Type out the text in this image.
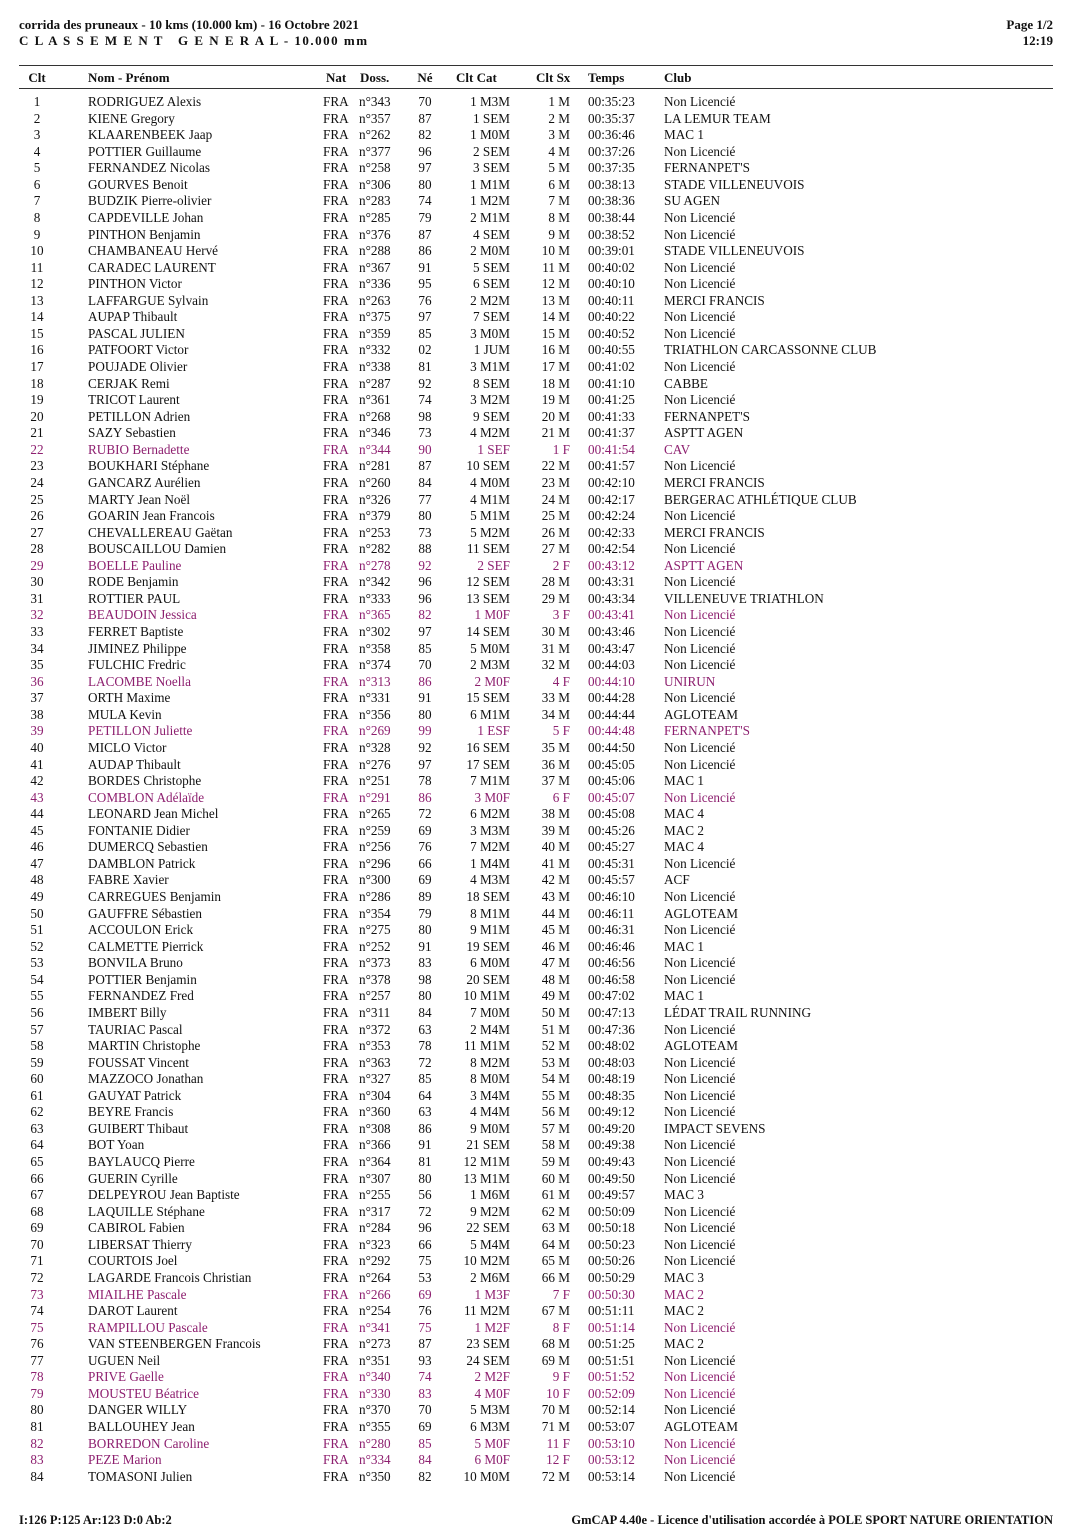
corrida des pruneaux - 10 kms (10.000 km) - 16 Octobre 2021
C L A S S E M E N T   G E N E R A L - 10.000 mm
Page 1/2
12:19
Clt	Nom - Prénom	Nat Doss.	Né	Clt Cat	Clt Sx Temps	Club
1	RODRIGUEZ Alexis	FRA n°343	70	1 M3M	1 M 00:35:23 Non Licencié
2	KIENE Gregory	FRA n°357	87	1 SEM	2 M 00:35:37 LA LEMUR TEAM
3	KLAARENBEEK Jaap	FRA n°262	82	1 M0M	3 M 00:36:46 MAC 1
4	POTTIER Guillaume	FRA n°377	96	2 SEM	4 M 00:37:26 Non Licencié
5	FERNANDEZ Nicolas	FRA n°258	97	3 SEM	5 M 00:37:35 FERNANPET'S
6	GOURVES Benoit	FRA n°306	80	1 M1M	6 M 00:38:13 STADE VILLENEUVOIS
7	BUDZIK Pierre-olivier	FRA n°283	74	1 M2M	7 M 00:38:36 SU AGEN
8	CAPDEVILLE Johan	FRA n°285	79	2 M1M	8 M 00:38:44 Non Licencié
9	PINTHON Benjamin	FRA n°376	87	4 SEM	9 M 00:38:52 Non Licencié
10	CHAMBANEAU Hervé	FRA n°288	86	2 M0M	10 M 00:39:01 STADE VILLENEUVOIS
11	CARADEC LAURENT	FRA n°367	91	5 SEM	11 M 00:40:02 Non Licencié
12	PINTHON Victor	FRA n°336	95	6 SEM	12 M 00:40:10 Non Licencié
13	LAFFARGUE Sylvain	FRA n°263	76	2 M2M	13 M 00:40:11 MERCI FRANCIS
14	AUPAP Thibault	FRA n°375	97	7 SEM	14 M 00:40:22 Non Licencié
15	PASCAL JULIEN	FRA n°359	85	3 M0M	15 M 00:40:52 Non Licencié
16	PATFOORT Victor	FRA n°332	02	1 JUM	16 M 00:40:55 TRIATHLON CARCASSONNE CLUB
17	POUJADE Olivier	FRA n°338	81	3 M1M	17 M 00:41:02 Non Licencié
18	CERJAK Remi	FRA n°287	92	8 SEM	18 M 00:41:10 CABBE
19	TRICOT Laurent	FRA n°361	74	3 M2M	19 M 00:41:25 Non Licencié
20	PETILLON Adrien	FRA n°268	98	9 SEM	20 M 00:41:33 FERNANPET'S
21	SAZY Sebastien	FRA n°346	73	4 M2M	21 M 00:41:37 ASPTT AGEN
22	RUBIO Bernadette	FRA n°344	90	1 SEF	1 F 00:41:54 CAV
23	BOUKHARI Stéphane	FRA n°281	87	10 SEM	22 M 00:41:57 Non Licencié
24	GANCARZ Aurélien	FRA n°260	84	4 M0M	23 M 00:42:10 MERCI FRANCIS
25	MARTY Jean Noël	FRA n°326	77	4 M1M	24 M 00:42:17 BERGERAC ATHLÉTIQUE CLUB
26	GOARIN Jean Francois	FRA n°379	80	5 M1M	25 M 00:42:24 Non Licencié
27	CHEVALLEREAU Gaëtan	FRA n°253	73	5 M2M	26 M 00:42:33 MERCI FRANCIS
28	BOUSCAILLOU Damien	FRA n°282	88	11 SEM	27 M 00:42:54 Non Licencié
29	BOELLE Pauline	FRA n°278	92	2 SEF	2 F 00:43:12 ASPTT AGEN
30	RODE Benjamin	FRA n°342	96	12 SEM	28 M 00:43:31 Non Licencié
31	ROTTIER PAUL	FRA n°333	96	13 SEM	29 M 00:43:34 VILLENEUVE TRIATHLON
32	BEAUDOIN Jessica	FRA n°365	82	1 M0F	3 F 00:43:41 Non Licencié
33	FERRET Baptiste	FRA n°302	97	14 SEM	30 M 00:43:46 Non Licencié
34	JIMINEZ Philippe	FRA n°358	85	5 M0M	31 M 00:43:47 Non Licencié
35	FULCHIC Fredric	FRA n°374	70	2 M3M	32 M 00:44:03 Non Licencié
36	LACOMBE Noella	FRA n°313	86	2 M0F	4 F 00:44:10 UNIRUN
37	ORTH Maxime	FRA n°331	91	15 SEM	33 M 00:44:28 Non Licencié
38	MULA Kevin	FRA n°356	80	6 M1M	34 M 00:44:44 AGLOTEAM
39	PETILLON Juliette	FRA n°269	99	1 ESF	5 F 00:44:48 FERNANPET'S
40	MICLO Victor	FRA n°328	92	16 SEM	35 M 00:44:50 Non Licencié
41	AUDAP Thibault	FRA n°276	97	17 SEM	36 M 00:45:05 Non Licencié
42	BORDES Christophe	FRA n°251	78	7 M1M	37 M 00:45:06 MAC 1
43	COMBLON Adélaïde	FRA n°291	86	3 M0F	6 F 00:45:07 Non Licencié
44	LEONARD Jean Michel	FRA n°265	72	6 M2M	38 M 00:45:08 MAC 4
45	FONTANIE Didier	FRA n°259	69	3 M3M	39 M 00:45:26 MAC 2
46	DUMERCQ Sebastien	FRA n°256	76	7 M2M	40 M 00:45:27 MAC 4
47	DAMBLON Patrick	FRA n°296	66	1 M4M	41 M 00:45:31 Non Licencié
48	FABRE Xavier	FRA n°300	69	4 M3M	42 M 00:45:57 ACF
49	CARREGUES Benjamin	FRA n°286	89	18 SEM	43 M 00:46:10 Non Licencié
50	GAUFFRE Sébastien	FRA n°354	79	8 M1M	44 M 00:46:11 AGLOTEAM
51	ACCOULON Erick	FRA n°275	80	9 M1M	45 M 00:46:31 Non Licencié
52	CALMETTE Pierrick	FRA n°252	91	19 SEM	46 M 00:46:46 MAC 1
53	BONVILA Bruno	FRA n°373	83	6 M0M	47 M 00:46:56 Non Licencié
54	POTTIER Benjamin	FRA n°378	98	20 SEM	48 M 00:46:58 Non Licencié
55	FERNANDEZ Fred	FRA n°257	80	10 M1M	49 M 00:47:02 MAC 1
56	IMBERT Billy	FRA n°311	84	7 M0M	50 M 00:47:13 LÉDAT TRAIL RUNNING
57	TAURIAC Pascal	FRA n°372	63	2 M4M	51 M 00:47:36 Non Licencié
58	MARTIN Christophe	FRA n°353	78	11 M1M	52 M 00:48:02 AGLOTEAM
59	FOUSSAT Vincent	FRA n°363	72	8 M2M	53 M 00:48:03 Non Licencié
60	MAZZOCO Jonathan	FRA n°327	85	8 M0M	54 M 00:48:19 Non Licencié
61	GAUYAT Patrick	FRA n°304	64	3 M4M	55 M 00:48:35 Non Licencié
62	BEYRE Francis	FRA n°360	63	4 M4M	56 M 00:49:12 Non Licencié
63	GUIBERT Thibaut	FRA n°308	86	9 M0M	57 M 00:49:20 IMPACT SEVENS
64	BOT Yoan	FRA n°366	91	21 SEM	58 M 00:49:38 Non Licencié
65	BAYLAUCQ Pierre	FRA n°364	81	12 M1M	59 M 00:49:43 Non Licencié
66	GUERIN Cyrille	FRA n°307	80	13 M1M	60 M 00:49:50 Non Licencié
67	DELPEYROU Jean Baptiste	FRA n°255	56	1 M6M	61 M 00:49:57 MAC 3
68	LAQUILLE Stéphane	FRA n°317	72	9 M2M	62 M 00:50:09 Non Licencié
69	CABIROL Fabien	FRA n°284	96	22 SEM	63 M 00:50:18 Non Licencié
70	LIBERSAT Thierry	FRA n°323	66	5 M4M	64 M 00:50:23 Non Licencié
71	COURTOIS Joel	FRA n°292	75	10 M2M	65 M 00:50:26 Non Licencié
72	LAGARDE Francois Christian	FRA n°264	53	2 M6M	66 M 00:50:29 MAC 3
73	MIAILHE Pascale	FRA n°266	69	1 M3F	7 F 00:50:30 MAC 2
74	DAROT Laurent	FRA n°254	76	11 M2M	67 M 00:51:11 MAC 2
75	RAMPILLOU Pascale	FRA n°341	75	1 M2F	8 F 00:51:14 Non Licencié
76	VAN STEENBERGEN Francois	FRA n°273	87	23 SEM	68 M 00:51:25 MAC 2
77	UGUEN Neil	FRA n°351	93	24 SEM	69 M 00:51:51 Non Licencié
78	PRIVE Gaelle	FRA n°340	74	2 M2F	9 F 00:51:52 Non Licencié
79	MOUSTEU Béatrice	FRA n°330	83	4 M0F	10 F 00:52:09 Non Licencié
80	DANGER WILLY	FRA n°370	70	5 M3M	70 M 00:52:14 Non Licencié
81	BALLOUHEY Jean	FRA n°355	69	6 M3M	71 M 00:53:07 AGLOTEAM
82	BORREDON Caroline	FRA n°280	85	5 M0F	11 F 00:53:10 Non Licencié
83	PEZE Marion	FRA n°334	84	6 M0F	12 F 00:53:12 Non Licencié
84	TOMASONI Julien	FRA n°350	82	10 M0M	72 M 00:53:14 Non Licencié
I:126 P:125 Ar:123 D:0 Ab:2	GmCAP 4.40e - Licence d'utilisation accordée à POLE SPORT NATURE ORIENTATION
